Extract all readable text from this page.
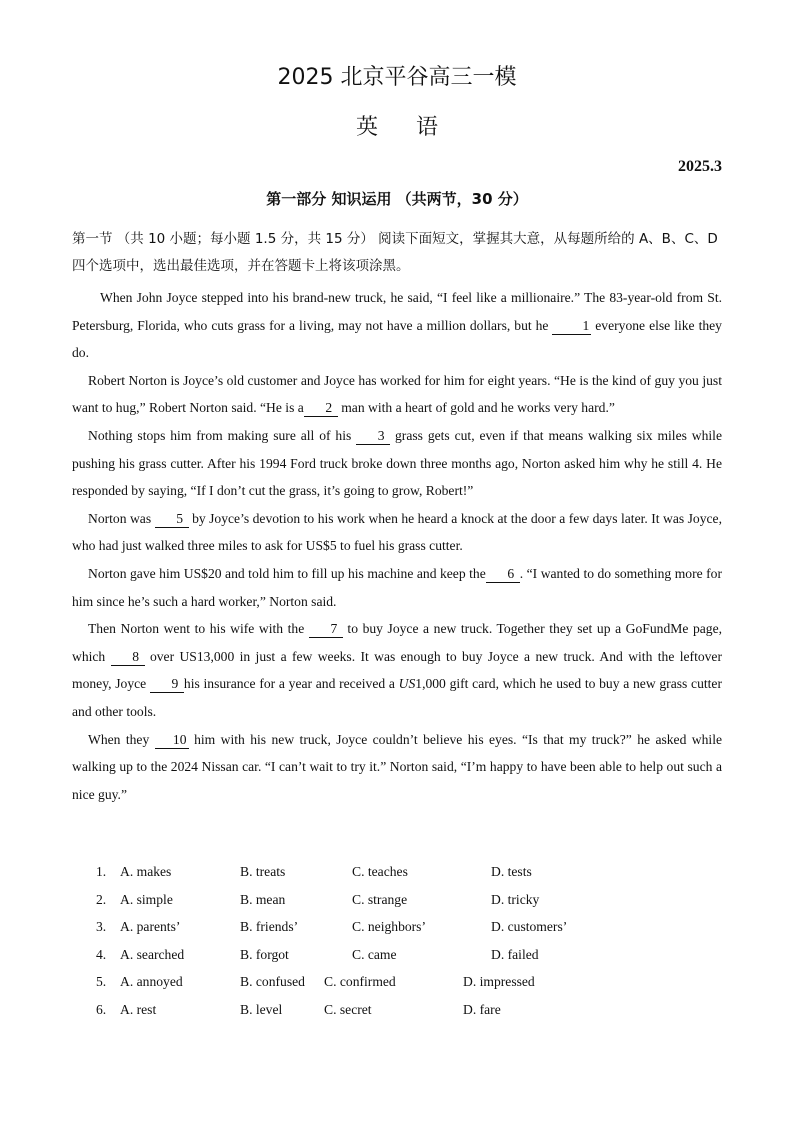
2025 北京平谷高三一模
英语
2025.3
第一部分 知识运用 （共两节，30 分）
第一节 （共 10 小题；每小题 1.5 分，共 15 分） 阅读下面短文，掌握其大意，从每题所给的 A、B、C、D 四个选项中，选出最佳选项，并在答题卡上将该项涂黑。

When John Joyce stepped into his brand-new truck, he said, “I feel like a millionaire.” The 83-year-old from St. Petersburg, Florida, who cuts grass for a living, may not have a million dollars, but he 1 everyone else like they do.

Robert Norton is Joyce’s old customer and Joyce has worked for him for eight years. “He is the kind of guy you just want to hug,” Robert Norton said. “He is a 2 man with a heart of gold and he works very hard.”

Nothing stops him from making sure all of his 3 grass gets cut, even if that means walking six miles while pushing his grass cutter. After his 1994 Ford truck broke down three months ago, Norton asked him why he still 4. He responded by saying, “If I don’t cut the grass, it’s going to grow, Robert!”

Norton was 5 by Joyce’s devotion to his work when he heard a knock at the door a few days later. It was Joyce, who had just walked three miles to ask for US$5 to fuel his grass cutter.

Norton gave him US$20 and told him to fill up his machine and keep the 6 . “I wanted to do something more for him since he’s such a hard worker,” Norton said.

Then Norton went to his wife with the 7 to buy Joyce a new truck. Together they set up a GoFundMe page, which 8 over US13,000 in just a few weeks. It was enough to buy Joyce a new truck. And with the leftover money, Joyce 9 his insurance for a year and received a US1,000 gift card, which he used to buy a new grass cutter and other tools.

When they 10 him with his new truck, Joyce couldn’t believe his eyes. “Is that my truck?” he asked while walking up to the 2024 Nissan car. “I can’t wait to try it.” Norton said, “I’m happy to have been able to help out such a nice guy.”

1. A. makes	B. treats	C. teaches	D. tests
2. A. simple	B. mean	C. strange	D. tricky
3. A. parents’	B. friends’	C. neighbors’	D. customers’
4. A. searched	B. forgot	C. came	D. failed
5. A. annoyed	B. confused C. confirmed	D. impressed
6. A. rest	B. level	C. secret	D. fare
